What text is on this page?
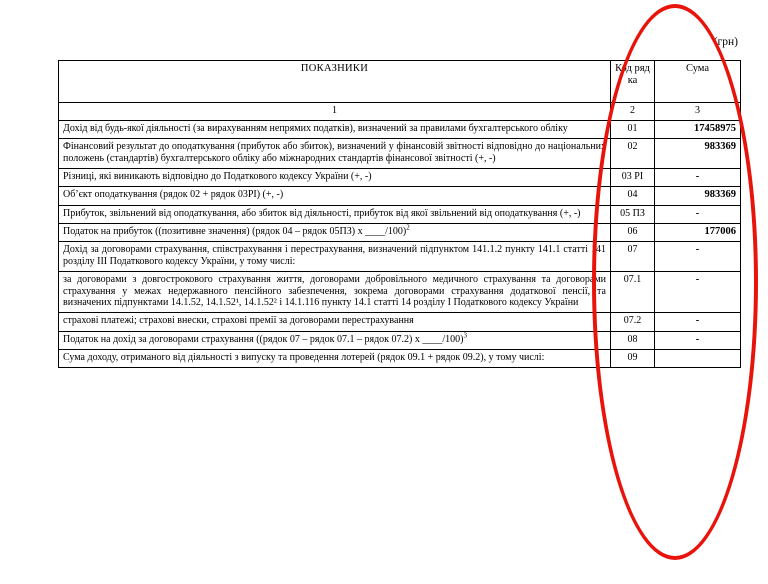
(грн)
ПОКАЗНИКИ	Код ряд ка	Сума
1	2	3
Дохід від будь-якої діяльності (за вирахуванням непрямих податків), визначений за правилами бухгалтерського обліку	01	17458975
Фінансовий результат до оподаткування (прибуток або збиток), визначений у фінансовій звітності відповідно до національних положень (стандартів) бухгалтерського обліку або міжнародних стандартів фінансової звітності (+, -)	02	983369
Різниці, які виникають відповідно до Податкового кодексу України (+, -)	03 РІ	-
Об’єкт оподаткування (рядок 02 + рядок 03РІ) (+, -)	04	983369
Прибуток, звільнений від оподаткування, або збиток від діяльності, прибуток від якої звільнений від оподаткування (+, -)	05 ПЗ	-
Податок на прибуток ((позитивне значення) (рядок 04 – рядок 05ПЗ) х ____/100)$^2$	06	177006
Дохід за договорами страхування, співстрахування і перестрахування, визначений підпунктом 141.1.2 пункту 141.1 статті 141 розділу III Податкового кодексу України, у тому числі:	07	-
за договорами з довгострокового страхування життя, договорами добровільного медичного страхування та договорами страхування у межах недержавного пенсійного забезпечення, зокрема договорами страхування додаткової пенсії, та визначених підпунктами 14.1.52, 14.1.52¹, 14.1.52² і 14.1.116 пункту 14.1 статті 14 розділу I Податкового кодексу України	07.1	-
страхові платежі; страхові внески, страхові премії за договорами перестрахування	07.2	-
Податок на дохід за договорами страхування ((рядок 07 – рядок 07.1 – рядок 07.2) х ____/100)$^3$	08	-
Сума доходу, отриманого від діяльності з випуску та проведення лотерей (рядок 09.1 + рядок 09.2), у тому числі:	09	
